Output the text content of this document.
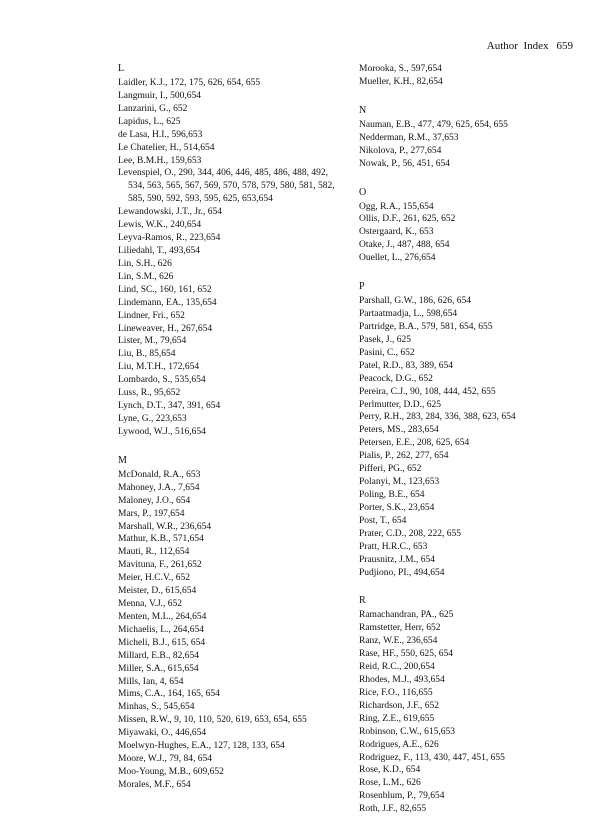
Author  Index 659
L
Laidler, K.J., 172, 175, 626, 654, 655
Langmuir, I., 500,654
Lanzarini, G., 652
Lapidus, L., 625
de Lasa, H.I., 596,653
Le Chatelier, H., 514,654
Lee, B.M.H., 159,653
Levenspiel, O., 290, 344, 406, 446, 485, 486, 488, 492, 534, 563, 565, 567, 569, 570, 578, 579, 580, 581, 582, 585, 590, 592, 593, 595, 625, 653,654
Lewandowski, J.T., Jr., 654
Lewis, W.K., 240,654
Leyva-Ramos, R., 223,654
Liliedahl, T., 493,654
Lin, S.H., 626
Lin, S.M., 626
Lind, SC., 160, 161, 652
Lindemann, EA., 135,654
Lindner, Fri., 652
Lineweaver, H., 267,654
Lister, M., 79,654
Liu, B., 85,654
Liu, M.T.H., 172,654
Lombardo, S., 535,654
Luss, R., 95,652
Lynch, D.T., 347, 391, 654
Lyne, G., 223,653
Lywood, W.J., 516,654
M
McDonald, R.A., 653
Mahoney, J.A., 7,654
Maloney, J.O., 654
Mars, P., 197,654
Marshall, W.R., 236,654
Mathur, K.B., 571,654
Mauti, R., 112,654
Mavituna, F., 261,652
Meier, H.C.V., 652
Meister, D., 615,654
Menna, V.J., 652
Menten, M.L., 264,654
Michaelis, L., 264,654
Micheli, B.J., 615, 654
Millard, E.B., 82,654
Miller, S.A., 615,654
Mills, Ian, 4, 654
Mims, C.A., 164, 165, 654
Minhas, S., 545,654
Missen, R.W., 9, 10, 110, 520, 619, 653, 654, 655
Miyawaki, O., 446,654
Moelwyn-Hughes, E.A., 127, 128, 133, 654
Moore, W.J., 79, 84, 654
Moo-Young, M.B., 609,652
Morales, M.F., 654
Morooka, S., 597,654
Mueller, K.H., 82,654
N
Nauman, E.B., 477, 479, 625, 654, 655
Nedderman, R.M., 37,653
Nikolova, P., 277,654
Nowak, P., 56, 451, 654
O
Ogg, R.A., 155,654
Ollis, D.F., 261, 625, 652
Ostergaard, K., 653
Otake, J., 487, 488, 654
Ouellet, L., 276,654
P
Parshall, G.W., 186, 626, 654
Partaatmadja, L., 598,654
Partridge, B.A., 579, 581, 654, 655
Pasek, J., 625
Pasini, C., 652
Patel, R.D., 83, 389, 654
Peacock, D.G., 652
Pereira, C.J., 90, 108, 444, 452, 655
Perlmutter, D.D., 625
Perry, R.H., 283, 284, 336, 388, 623, 654
Peters, MS., 283,654
Petersen, E.E., 208, 625, 654
Pialis, P., 262, 277, 654
Pifferi, PG., 652
Polanyi, M., 123,653
Poling, B.E., 654
Porter, S.K., 23,654
Post, T., 654
Prater, C.D., 208, 222, 655
Pratt, H.R.C., 653
Prausnitz, J.M., 654
Pudjiono, PI., 494,654
R
Ramachandran, PA., 625
Ramstetter, Herr, 652
Ranz, W.E., 236,654
Rase, HF., 550, 625, 654
Reid, R.C., 200,654
Rhodes, M.J., 493,654
Rice, F.O., 116,655
Richardson, J.F., 652
Ring, Z.E., 619,655
Robinson, C.W., 615,653
Rodrigues, A.E., 626
Rodriguez, F., 113, 430, 447, 451, 655
Rose, K.D., 654
Rose, L.M., 626
Rosenblum, P., 79,654
Roth, J.F., 82,655
